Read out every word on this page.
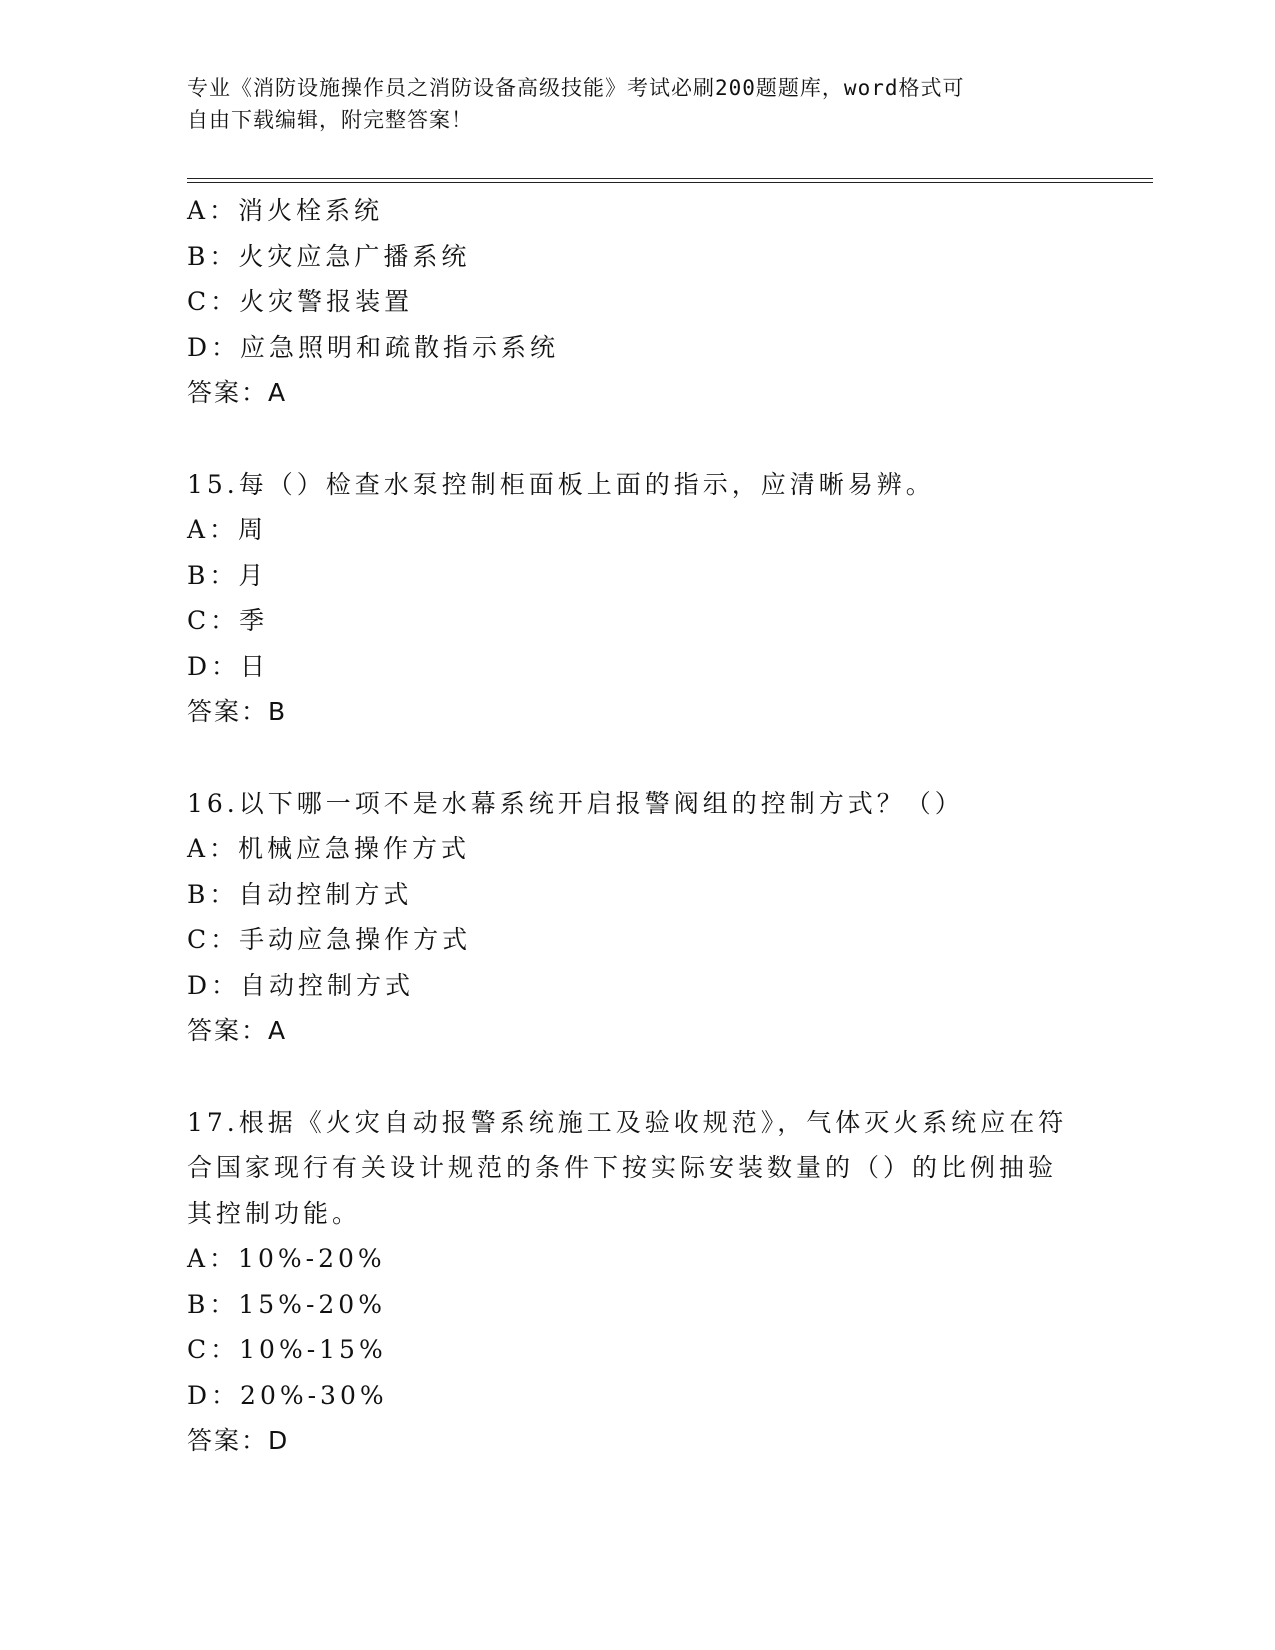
专业《消防设施操作员之消防设备高级技能》考试必刷200题题库，word格式可
自由下载编辑，附完整答案！
A：消火栓系统
B：火灾应急广播系统
C：火灾警报装置
D：应急照明和疏散指示系统
答案：A
15.每（）检查水泵控制柜面板上面的指示，应清晰易辨。
A：周
B：月
C：季
D：日
答案：B
16.以下哪一项不是水幕系统开启报警阀组的控制方式？（）
A：机械应急操作方式
B：自动控制方式
C：手动应急操作方式
D：自动控制方式
答案：A
17.根据《火灾自动报警系统施工及验收规范》，气体灭火系统应在符
合国家现行有关设计规范的条件下按实际安装数量的（）的比例抽验
其控制功能。
A：10%-20%
B：15%-20%
C：10%-15%
D：20%-30%
答案：D
